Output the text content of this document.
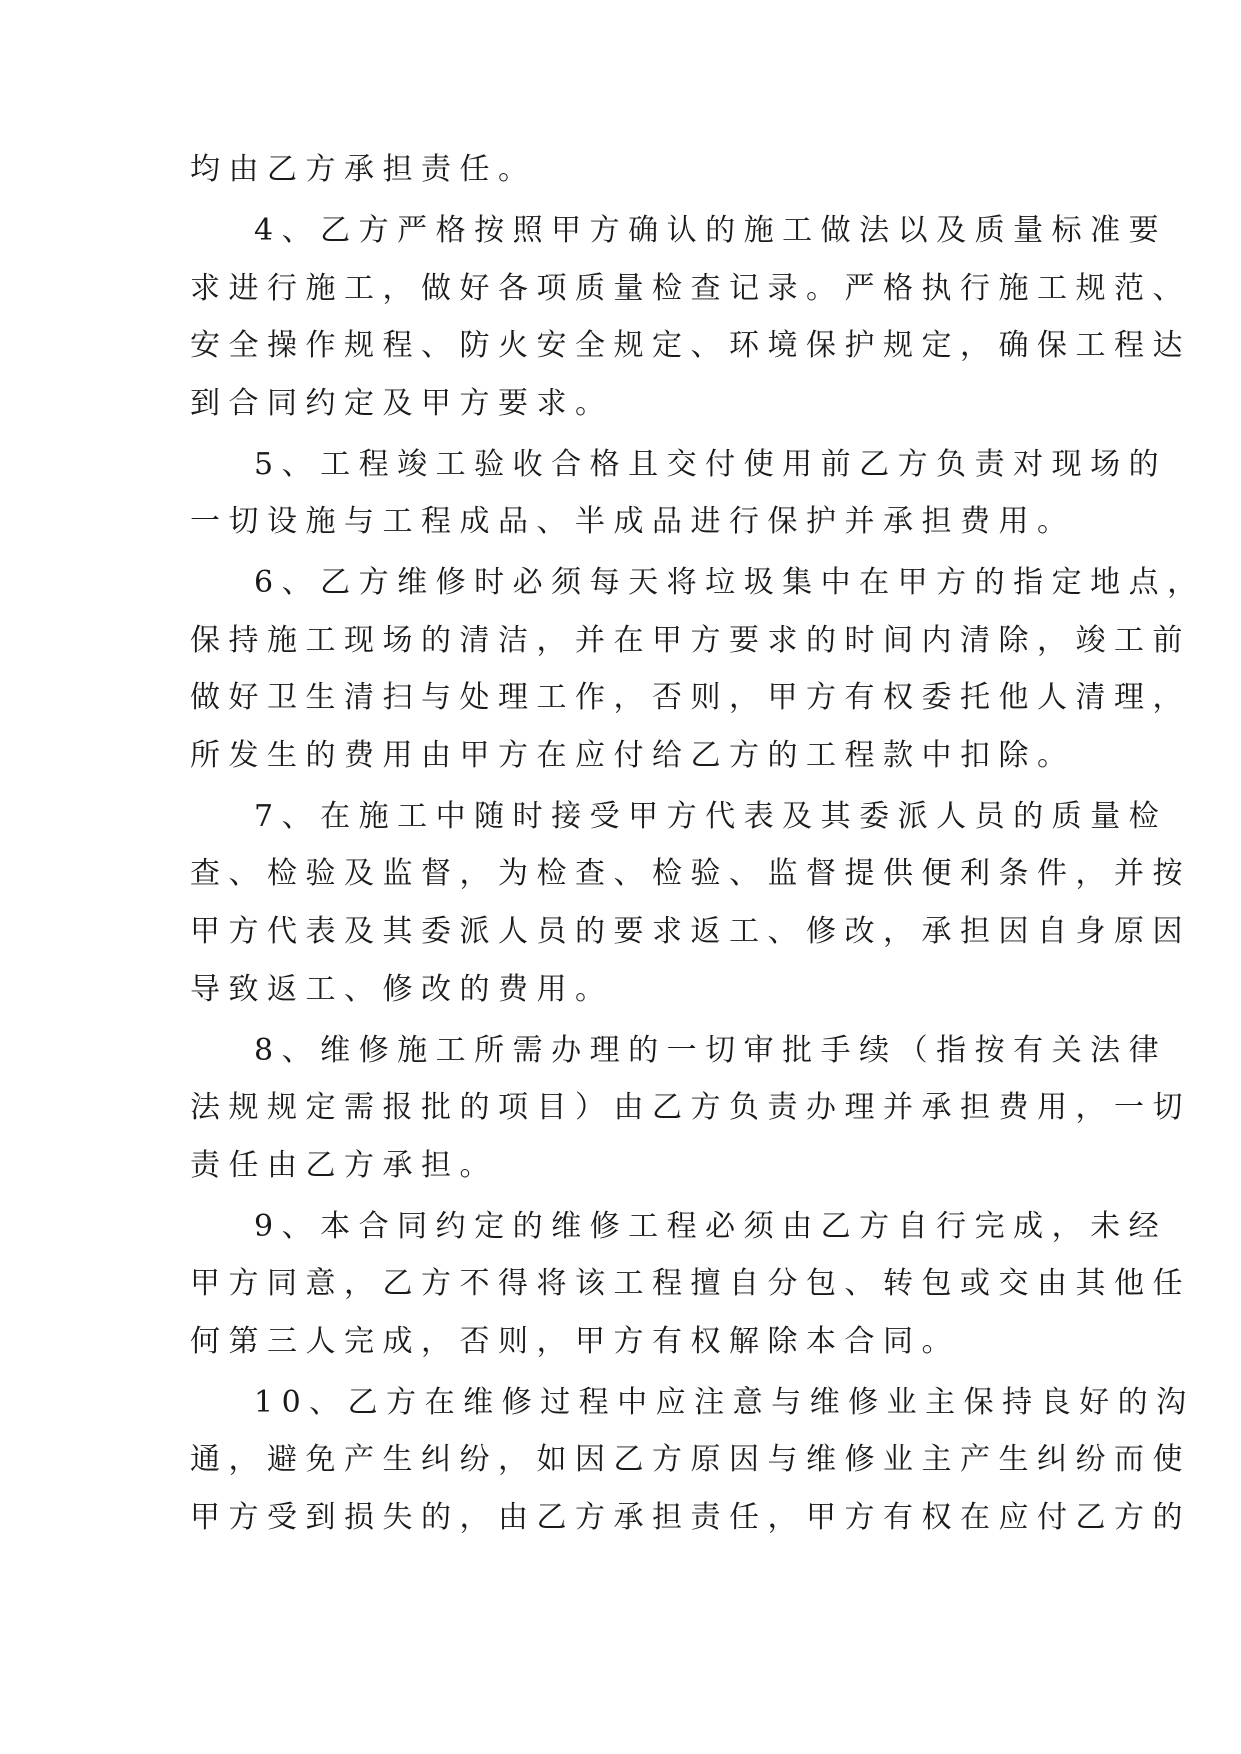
均由乙方承担责任。

4、乙方严格按照甲方确认的施工做法以及质量标准要

求进行施工，做好各项质量检查记录。严格执行施工规范、

安全操作规程、防火安全规定、环境保护规定，确保工程达

到合同约定及甲方要求。

5、工程竣工验收合格且交付使用前乙方负责对现场的

一切设施与工程成品、半成品进行保护并承担费用。

6、乙方维修时必须每天将垃圾集中在甲方的指定地点，

保持施工现场的清洁，并在甲方要求的时间内清除，竣工前

做好卫生清扫与处理工作，否则，甲方有权委托他人清理，

所发生的费用由甲方在应付给乙方的工程款中扣除。

7、在施工中随时接受甲方代表及其委派人员的质量检

查、检验及监督，为检查、检验、监督提供便利条件，并按

甲方代表及其委派人员的要求返工、修改，承担因自身原因

导致返工、修改的费用。

8、维修施工所需办理的一切审批手续（指按有关法律

法规规定需报批的项目）由乙方负责办理并承担费用，一切

责任由乙方承担。

9、本合同约定的维修工程必须由乙方自行完成，未经

甲方同意，乙方不得将该工程擅自分包、转包或交由其他任

何第三人完成，否则，甲方有权解除本合同。

10、乙方在维修过程中应注意与维修业主保持良好的沟

通，避免产生纠纷，如因乙方原因与维修业主产生纠纷而使

甲方受到损失的，由乙方承担责任，甲方有权在应付乙方的
